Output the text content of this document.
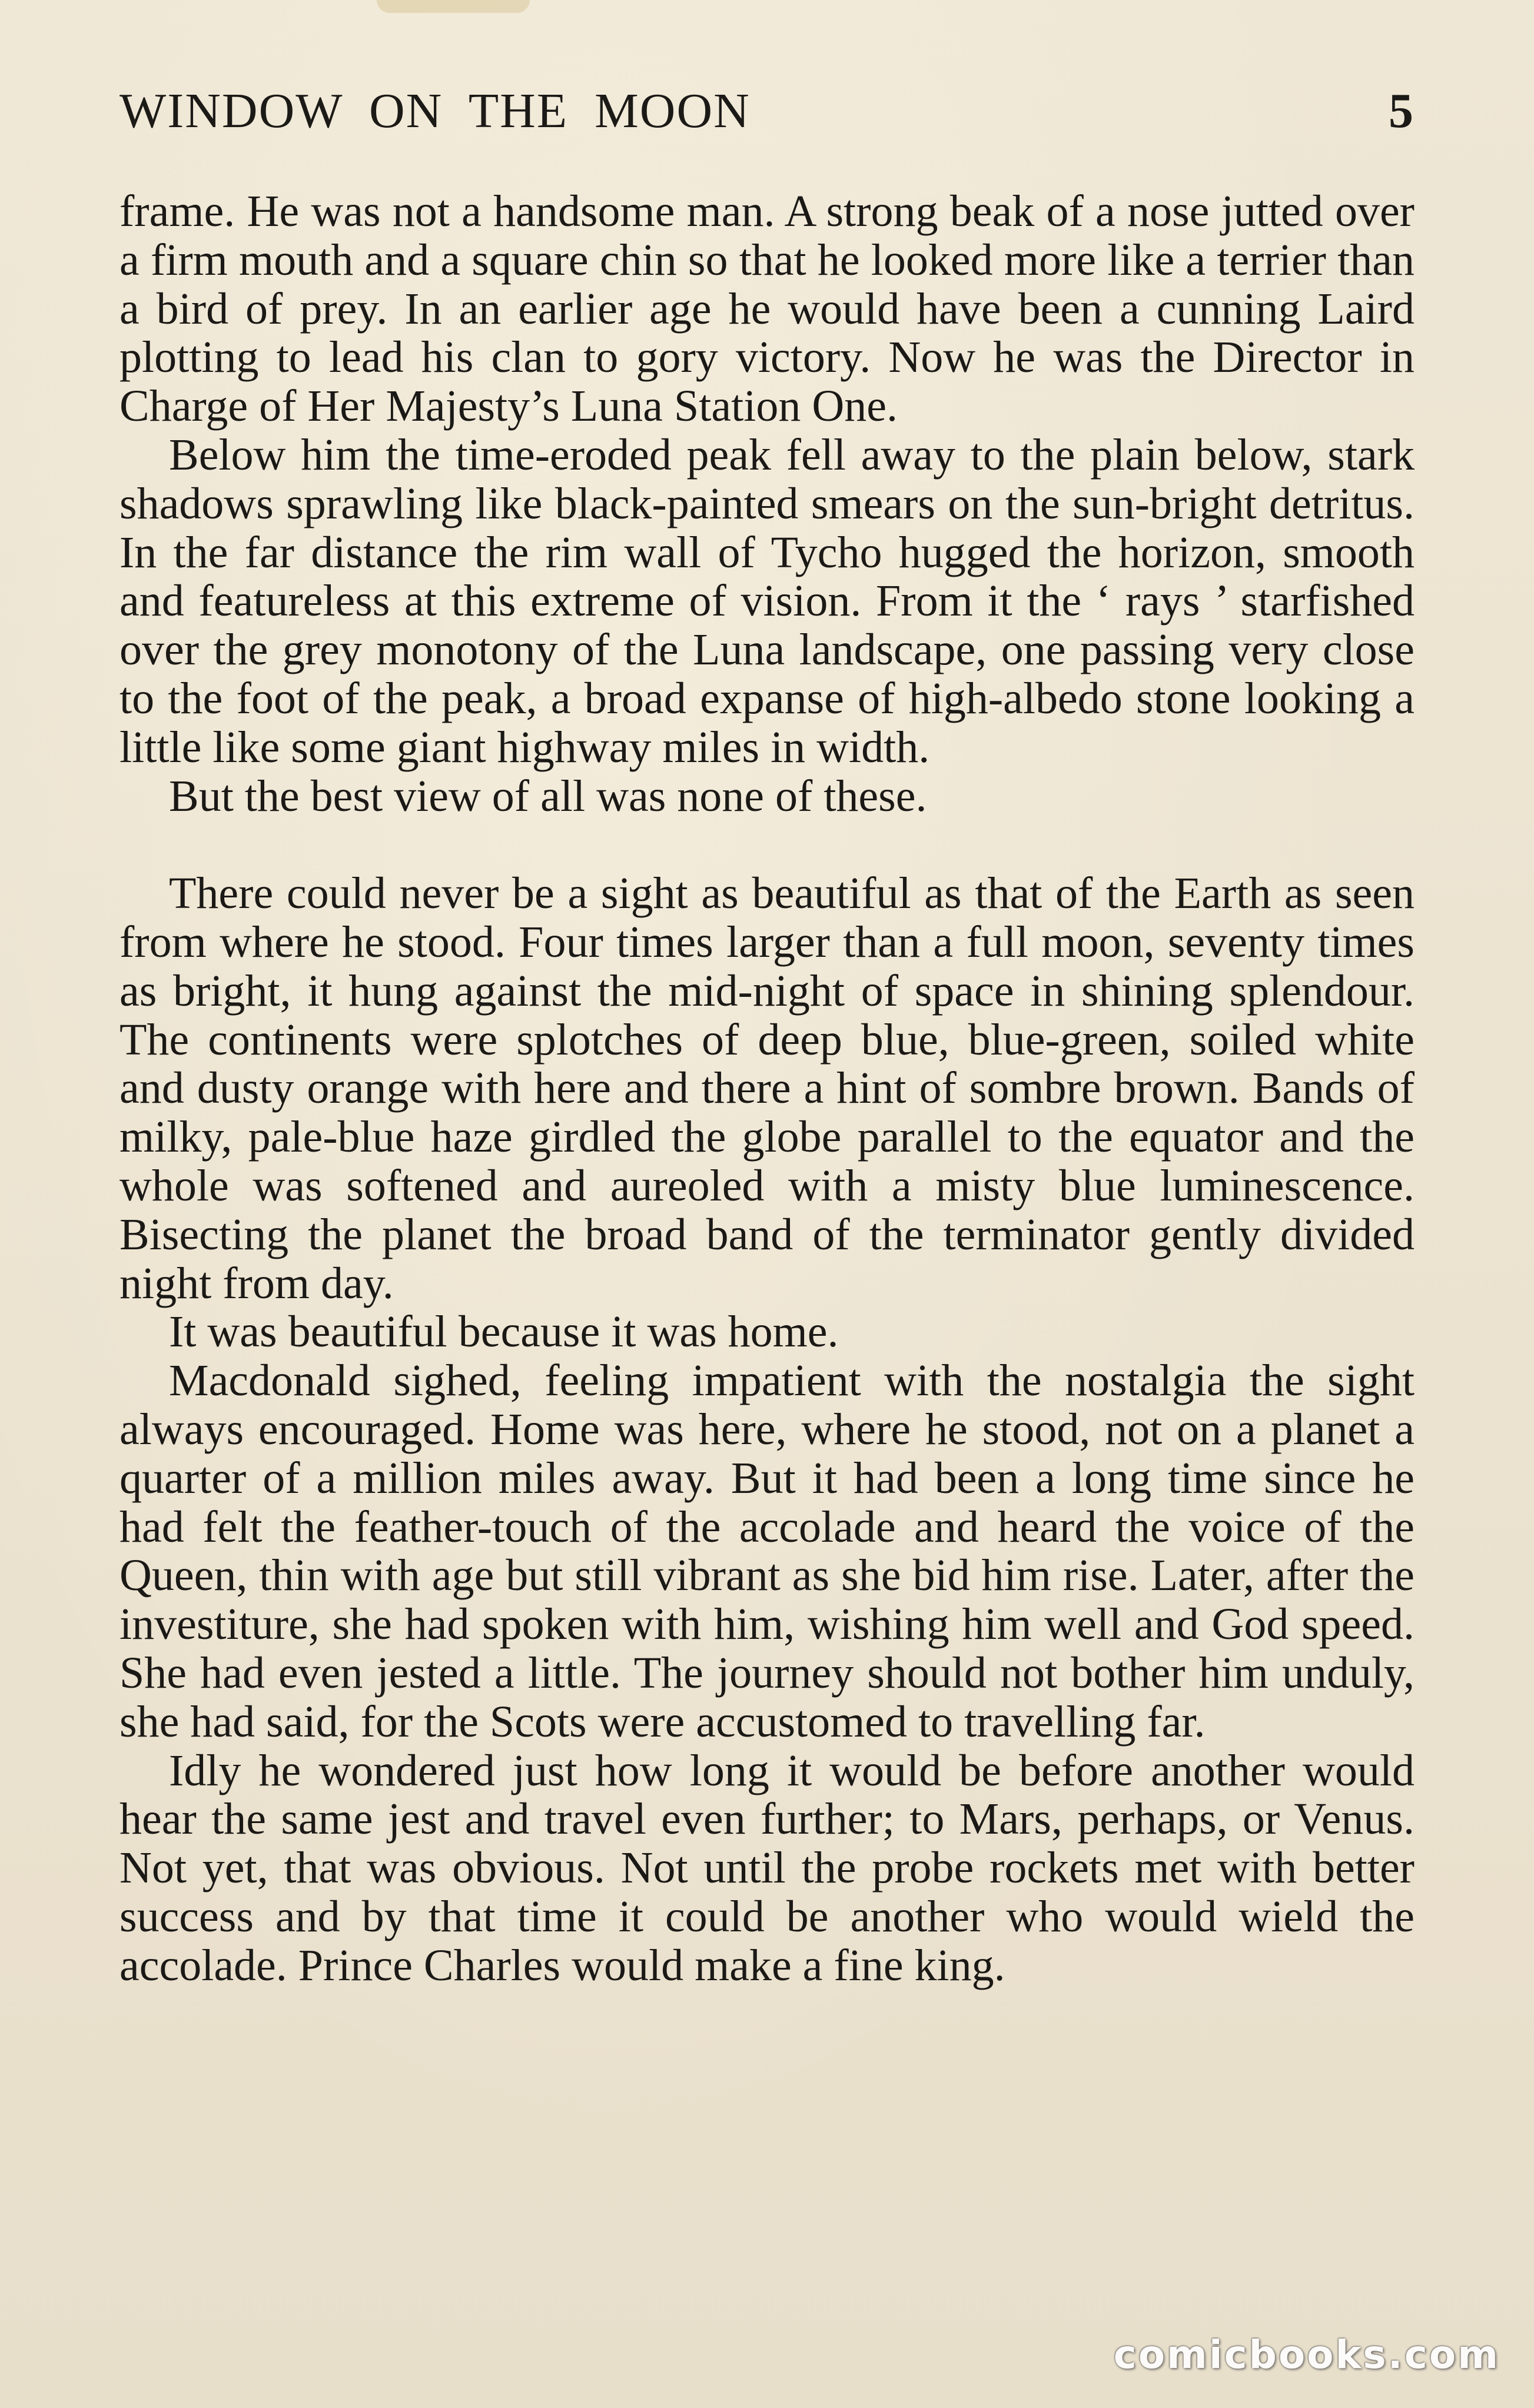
WINDOW ON THE MOON	5

frame. He was not a handsome man. A strong beak of a nose jutted over a firm mouth and a square chin so that he looked more like a terrier than a bird of prey. In an earlier age he would have been a cunning Laird plotting to lead his clan to gory victory. Now he was the Director in Charge of Her Majesty’s Luna Station One.

Below him the time-eroded peak fell away to the plain below, stark shadows sprawling like black-painted smears on the sun-bright detritus. In the far distance the rim wall of Tycho hugged the horizon, smooth and featureless at this extreme of vision. From it the ‘ rays ’ starfished over the grey monotony of the Luna landscape, one passing very close to the foot of the peak, a broad expanse of high-albedo stone looking a little like some giant highway miles in width.

But the best view of all was none of these.

There could never be a sight as beautiful as that of the Earth as seen from where he stood. Four times larger than a full moon, seventy times as bright, it hung against the mid-night of space in shining splendour. The continents were splotches of deep blue, blue-green, soiled white and dusty orange with here and there a hint of sombre brown. Bands of milky, pale-blue haze girdled the globe parallel to the equator and the whole was softened and aureoled with a misty blue luminescence. Bisecting the planet the broad band of the terminator gently divided night from day.

It was beautiful because it was home.

Macdonald sighed, feeling impatient with the nostalgia the sight always encouraged. Home was here, where he stood, not on a planet a quarter of a million miles away. But it had been a long time since he had felt the feather-touch of the accolade and heard the voice of the Queen, thin with age but still vibrant as she bid him rise. Later, after the investiture, she had spoken with him, wishing him well and God speed. She had even jested a little. The journey should not bother him unduly, she had said, for the Scots were accustomed to travelling far.

Idly he wondered just how long it would be before another would hear the same jest and travel even further; to Mars, perhaps, or Venus. Not yet, that was obvious. Not until the probe rockets met with better success and by that time it could be another who would wield the accolade. Prince Charles would make a fine king.

comicbooks.com
